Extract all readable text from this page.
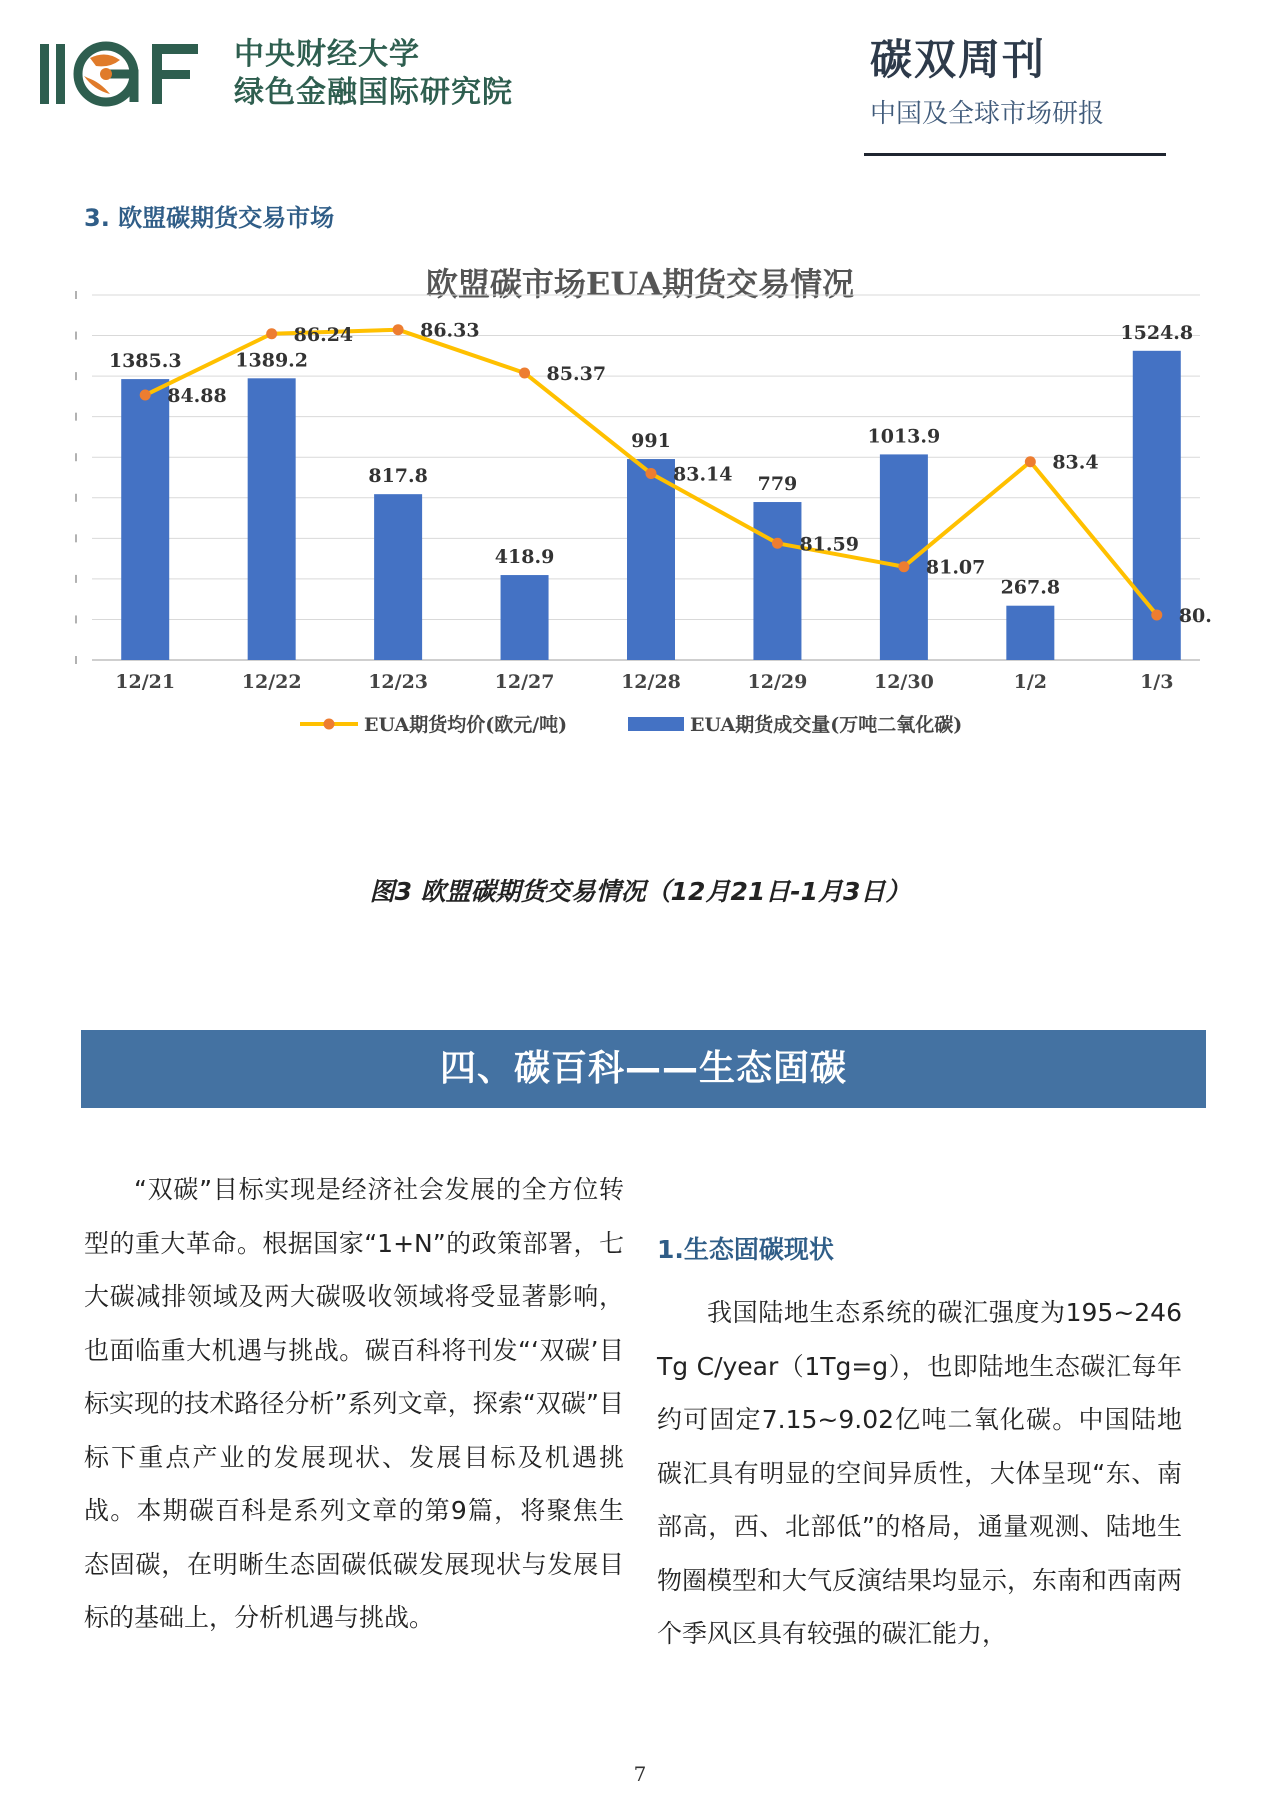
中央财经大学
绿色金融国际研究院
碳双周刊
中国及全球市场研报
3. 欧盟碳期货交易市场
欧盟碳市场EUA期货交易情况
1385.3	1389.2
817.8
418.9
991
779
1013.9
267.8
1524.8
84.88
86.24	86.33
85.37
83.14
81.59
81.07
83.4
80.
12/21	12/22	12/23	12/27	12/28	12/29	12/30	1/2	1/3
EUA期货均价(欧元/吨)	EUA期货成交量(万吨二氧化碳)
图3 欧盟碳期货交易情况（12月21日-1月3日）
四、碳百科——生态固碳

“双碳”目标实现是经济社会发展的全方位转型的重大革命。根据国家“1+N”的政策部署，七大碳减排领域及两大碳吸收领域将受显著影响，也面临重大机遇与挑战。碳百科将刊发“‘双碳’目标实现的技术路径分析”系列文章，探索“双碳”目标下重点产业的发展现状、发展目标及机遇挑战。本期碳百科是系列文章的第9篇，将聚焦生态固碳，在明晰生态固碳低碳发展现状与发展目标的基础上，分析机遇与挑战。

1.生态固碳现状

我国陆地生态系统的碳汇强度为195~246 Tg C/year（1Tg=g），也即陆地生态碳汇每年约可固定7.15~9.02亿吨二氧化碳。中国陆地碳汇具有明显的空间异质性，大体呈现“东、南部高，西、北部低”的格局，通量观测、陆地生物圈模型和大气反演结果均显示，东南和西南两个季风区具有较强的碳汇能力，

7
